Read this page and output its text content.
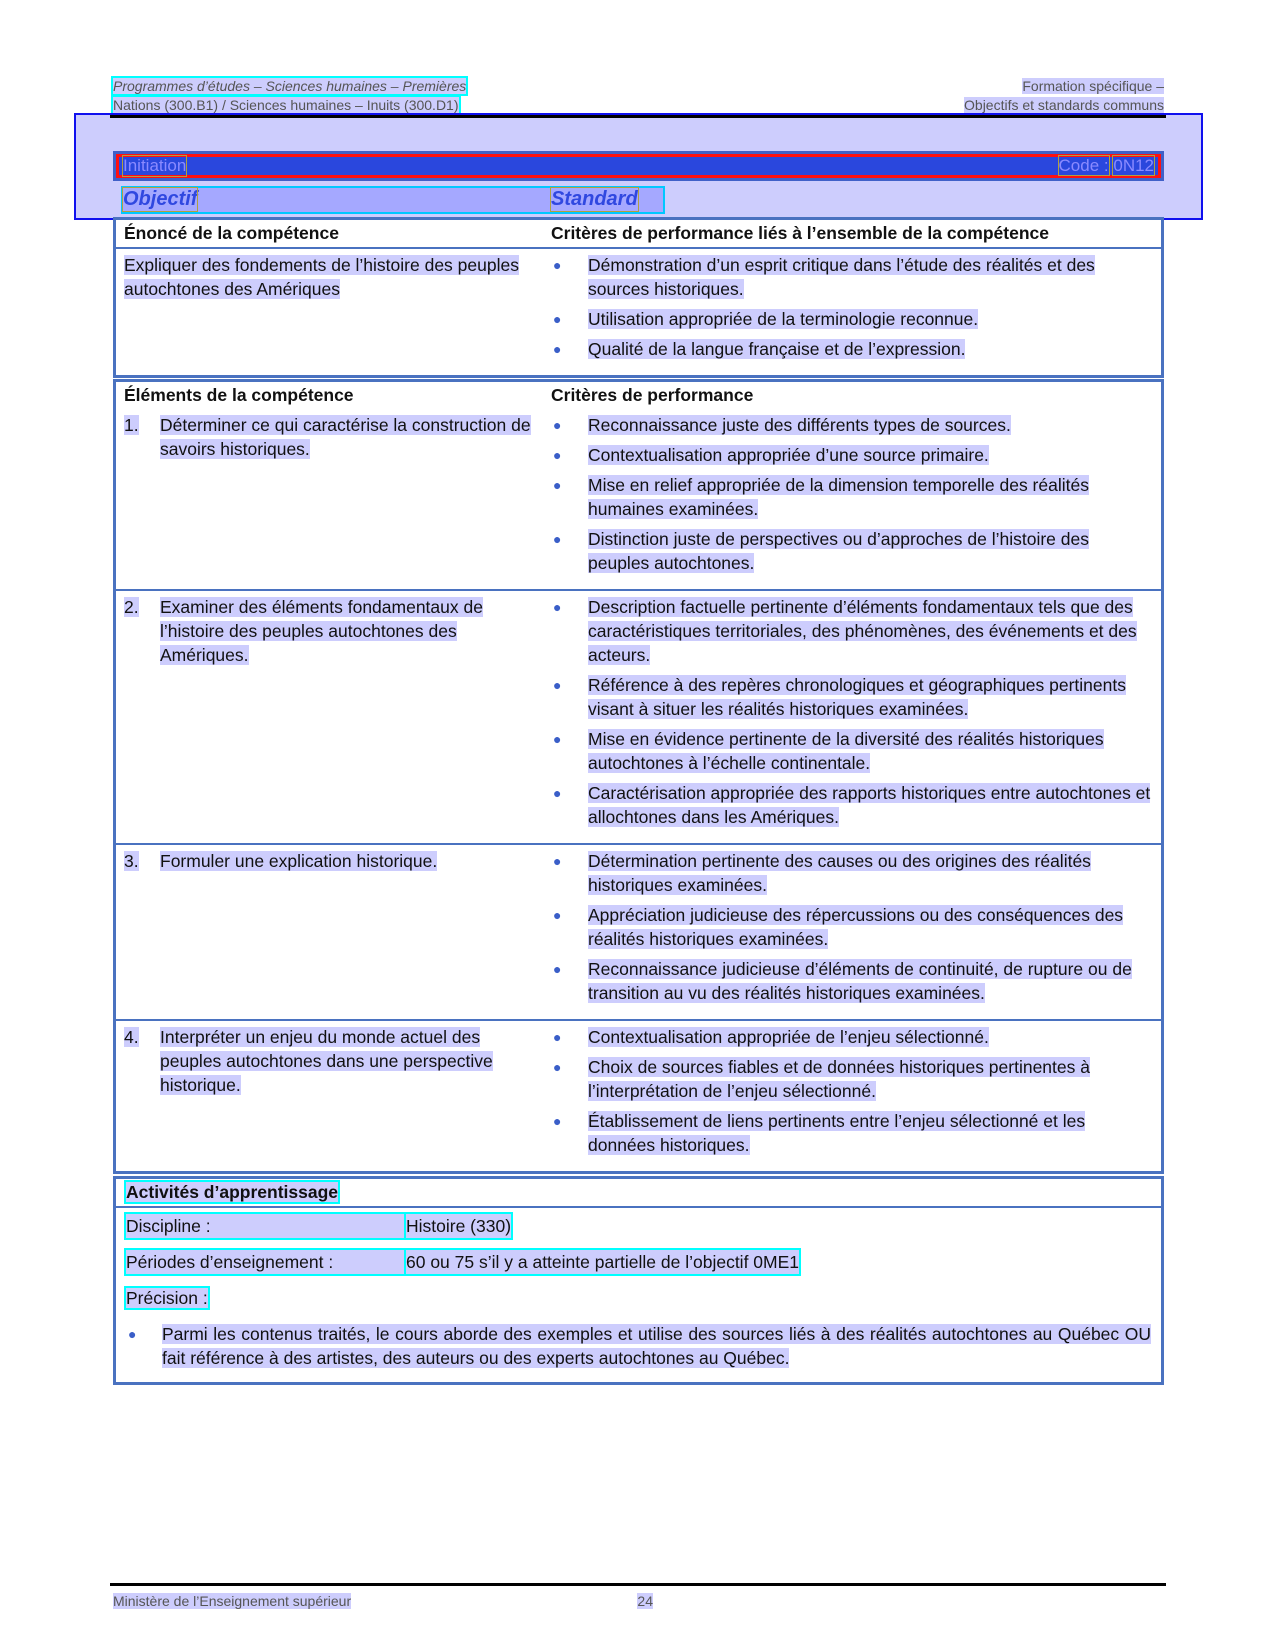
Programmes d’études – Sciences humaines – Premières	Formation spécifique –
Nations (300.B1) / Sciences humaines – Inuits (300.D1)	Objectifs et standards communs
Initiation	Code : 0N12
Objectif	Standard
Énoncé de la compétence	Critères de performance liés à l’ensemble de la compétence
Expliquer des fondements de l’histoire des peuples autochtones des Amériques
●	Démonstration d’un esprit critique dans l’étude des réalités et des sources historiques.
●	Utilisation appropriée de la terminologie reconnue.
●	Qualité de la langue française et de l’expression.
Éléments de la compétence	Critères de performance
1.	Déterminer ce qui caractérise la construction de savoirs historiques.
●	Reconnaissance juste des différents types de sources.
●	Contextualisation appropriée d’une source primaire.
●	Mise en relief appropriée de la dimension temporelle des réalités humaines examinées.
●	Distinction juste de perspectives ou d’approches de l’histoire des peuples autochtones.
2.	Examiner des éléments fondamentaux de l’histoire des peuples autochtones des Amériques.
●	Description factuelle pertinente d’éléments fondamentaux tels que des caractéristiques territoriales, des phénomènes, des événements et des acteurs.
●	Référence à des repères chronologiques et géographiques pertinents visant à situer les réalités historiques examinées.
●	Mise en évidence pertinente de la diversité des réalités historiques autochtones à l’échelle continentale.
●	Caractérisation appropriée des rapports historiques entre autochtones et allochtones dans les Amériques.
3.	Formuler une explication historique.	●	Détermination pertinente des causes ou des origines des réalités historiques examinées.
●	Appréciation judicieuse des répercussions ou des conséquences des réalités historiques examinées.
●	Reconnaissance judicieuse d’éléments de continuité, de rupture ou de transition au vu des réalités historiques examinées.
4.	Interpréter un enjeu du monde actuel des peuples autochtones dans une perspective historique.
●	Contextualisation appropriée de l’enjeu sélectionné.
●	Choix de sources fiables et de données historiques pertinentes à l’interprétation de l’enjeu sélectionné.
●	Établissement de liens pertinents entre l’enjeu sélectionné et les données historiques.
Activités d’apprentissage
Discipline :	Histoire (330)
Périodes d’enseignement :	60 ou 75 s’il y a atteinte partielle de l’objectif 0ME1
Précision :
●	Parmi les contenus traités, le cours aborde des exemples et utilise des sources liés à des réalités autochtones au Québec OU fait référence à des artistes, des auteurs ou des experts autochtones au Québec.
Ministère de l’Enseignement supérieur	24
